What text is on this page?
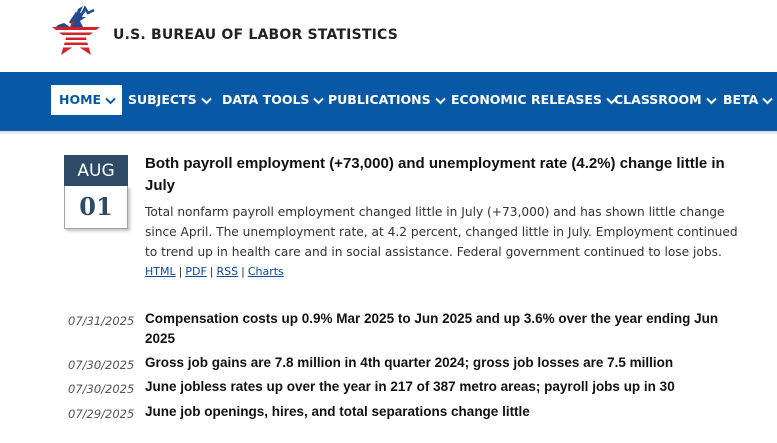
U.S. BUREAU OF LABOR STATISTICS
HOME	SUBJECTS	DATA TOOLS	PUBLICATIONS	ECONOMIC RELEASES CLASSROOM	BETA
AUG
01
Both payroll employment (+73,000) and unemployment rate (4.2%) change little in July
Total nonfarm payroll employment changed little in July (+73,000) and has shown little change since April. The unemployment rate, at 4.2 percent, changed little in July. Employment continued to trend up in health care and in social assistance. Federal government continued to lose jobs.
HTML | PDF | RSS | Charts
07/31/2025 Compensation costs up 0.9% Mar 2025 to Jun 2025 and up 3.6% over the year ending Jun 2025
07/30/2025 Gross job gains are 7.8 million in 4th quarter 2024; gross job losses are 7.5 million
07/30/2025 June jobless rates up over the year in 217 of 387 metro areas; payroll jobs up in 30
07/29/2025 June job openings, hires, and total separations change little
